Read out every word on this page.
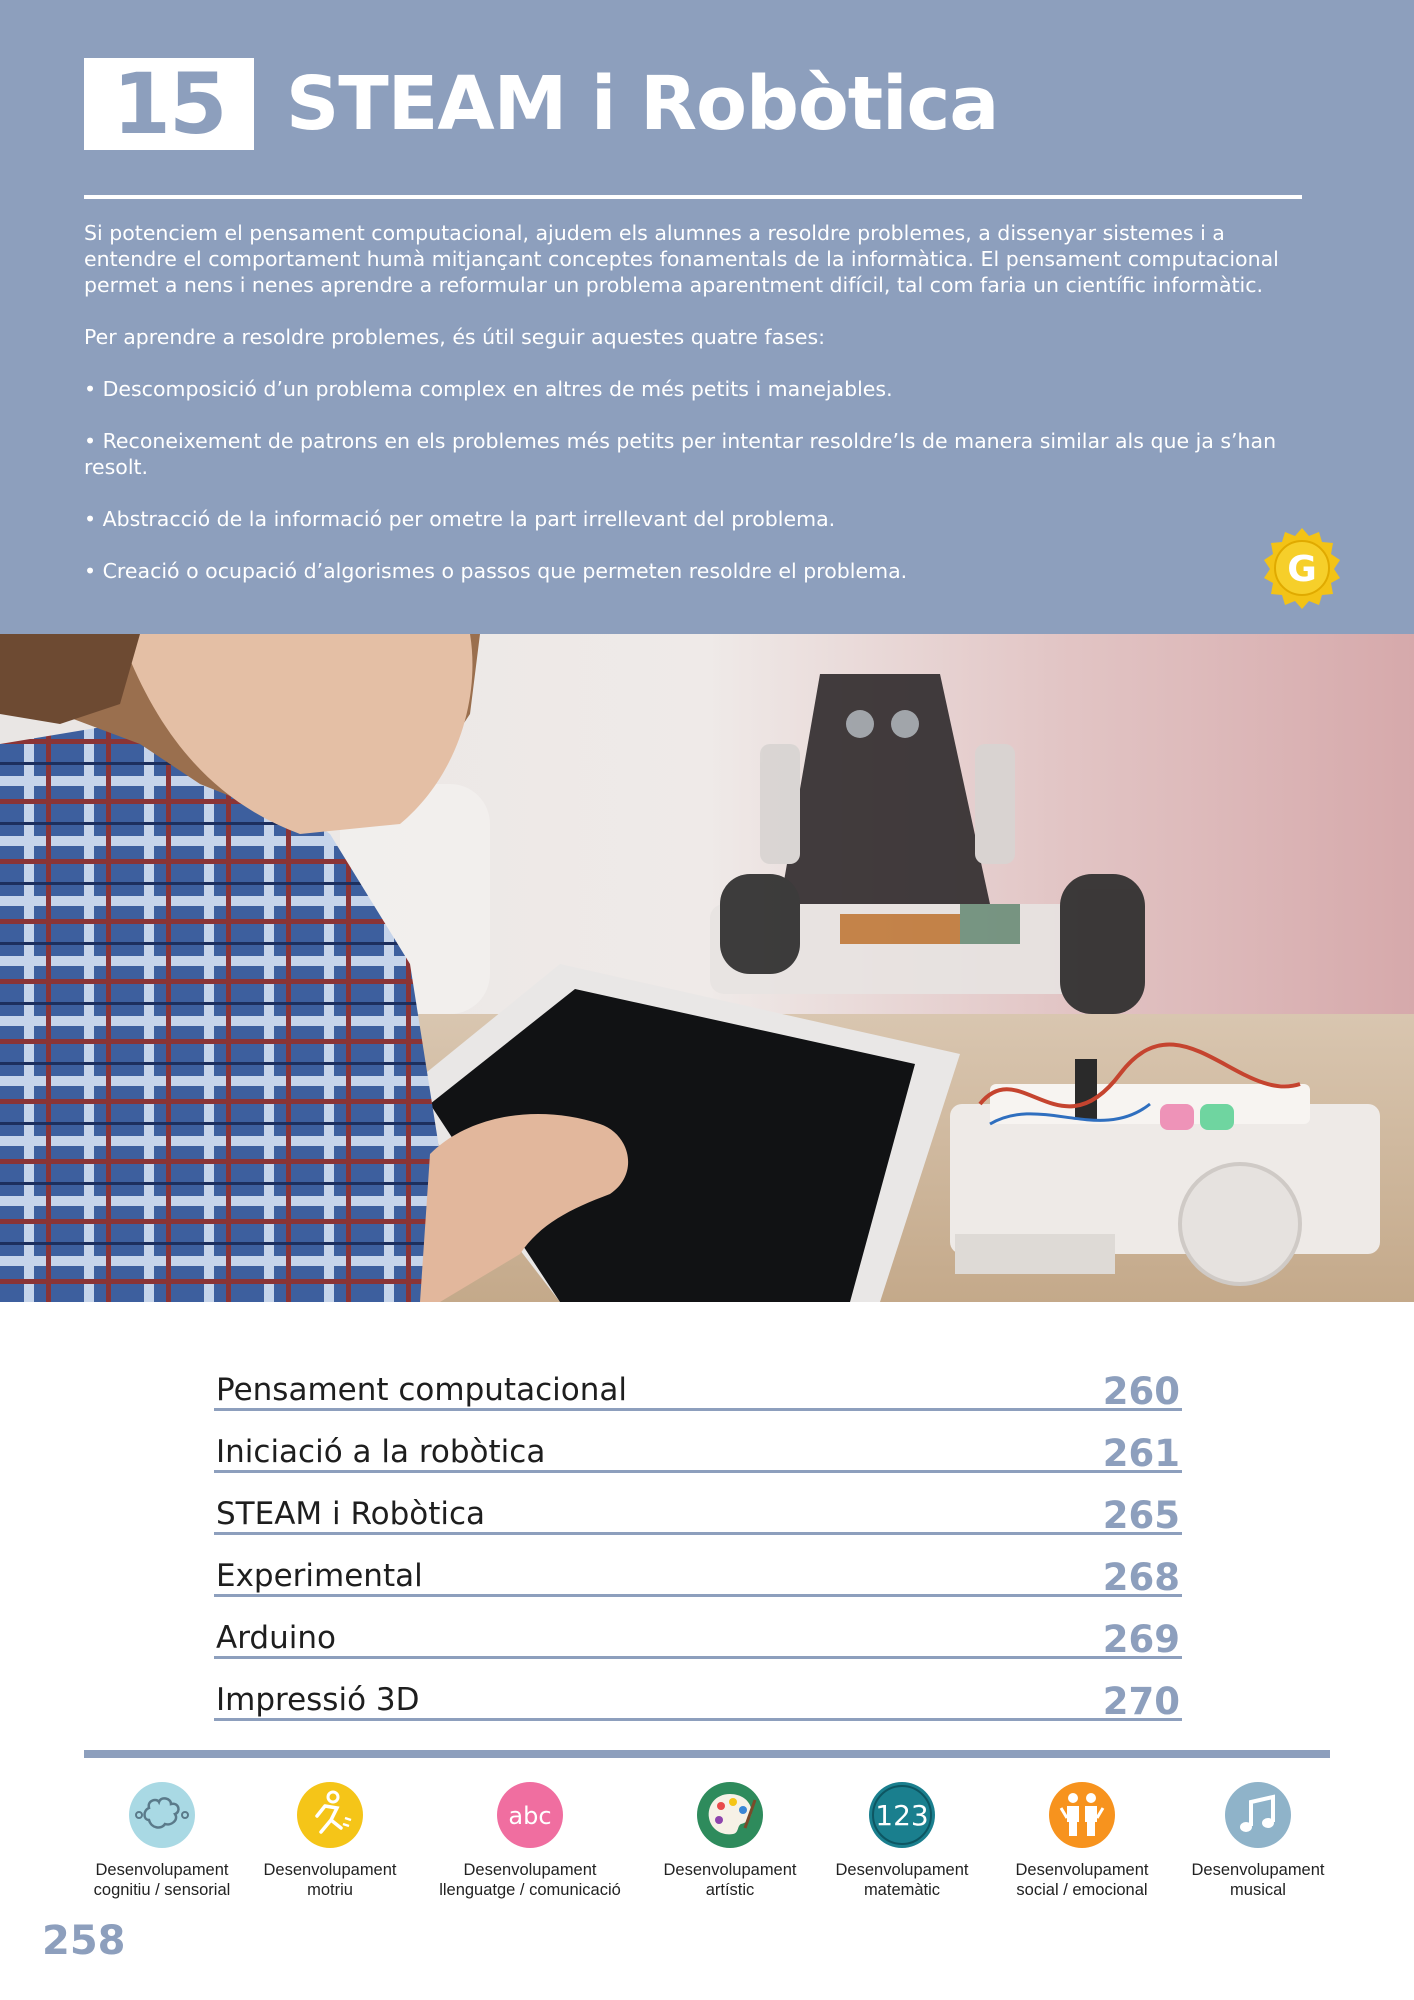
15 STEAM i Robòtica

Si potenciem el pensament computacional, ajudem els alumnes a resoldre problemes, a dissenyar sistemes i a entendre el comportament humà mitjançant conceptes fonamentals de la informàtica. El pensament computacional permet a nens i nenes aprendre a reformular un problema aparentment difícil, tal com faria un científic informàtic.

Per aprendre a resoldre problemes, és útil seguir aquestes quatre fases:

• Descomposició d’un problema complex en altres de més petits i manejables.

• Reconeixement de patrons en els problemes més petits per intentar resoldre’ls de manera similar als que ja s’han resolt.

• Abstracció de la informació per ometre la part irrellevant del problema.

• Creació o ocupació d’algorismes o passos que permeten resoldre el problema.	G
Pensament computacional	260
Iniciació a la robòtica	261
STEAM i Robòtica	265
Experimental	268
Arduino	269
Impressió 3D	270
Desenvolupament
cognitiu / sensorial
Desenvolupament
motriu
abc
Desenvolupament
llenguatge / comunicació
Desenvolupament
artístic
123
Desenvolupament
matemàtic
Desenvolupament
social / emocional
Desenvolupament
musical
258
